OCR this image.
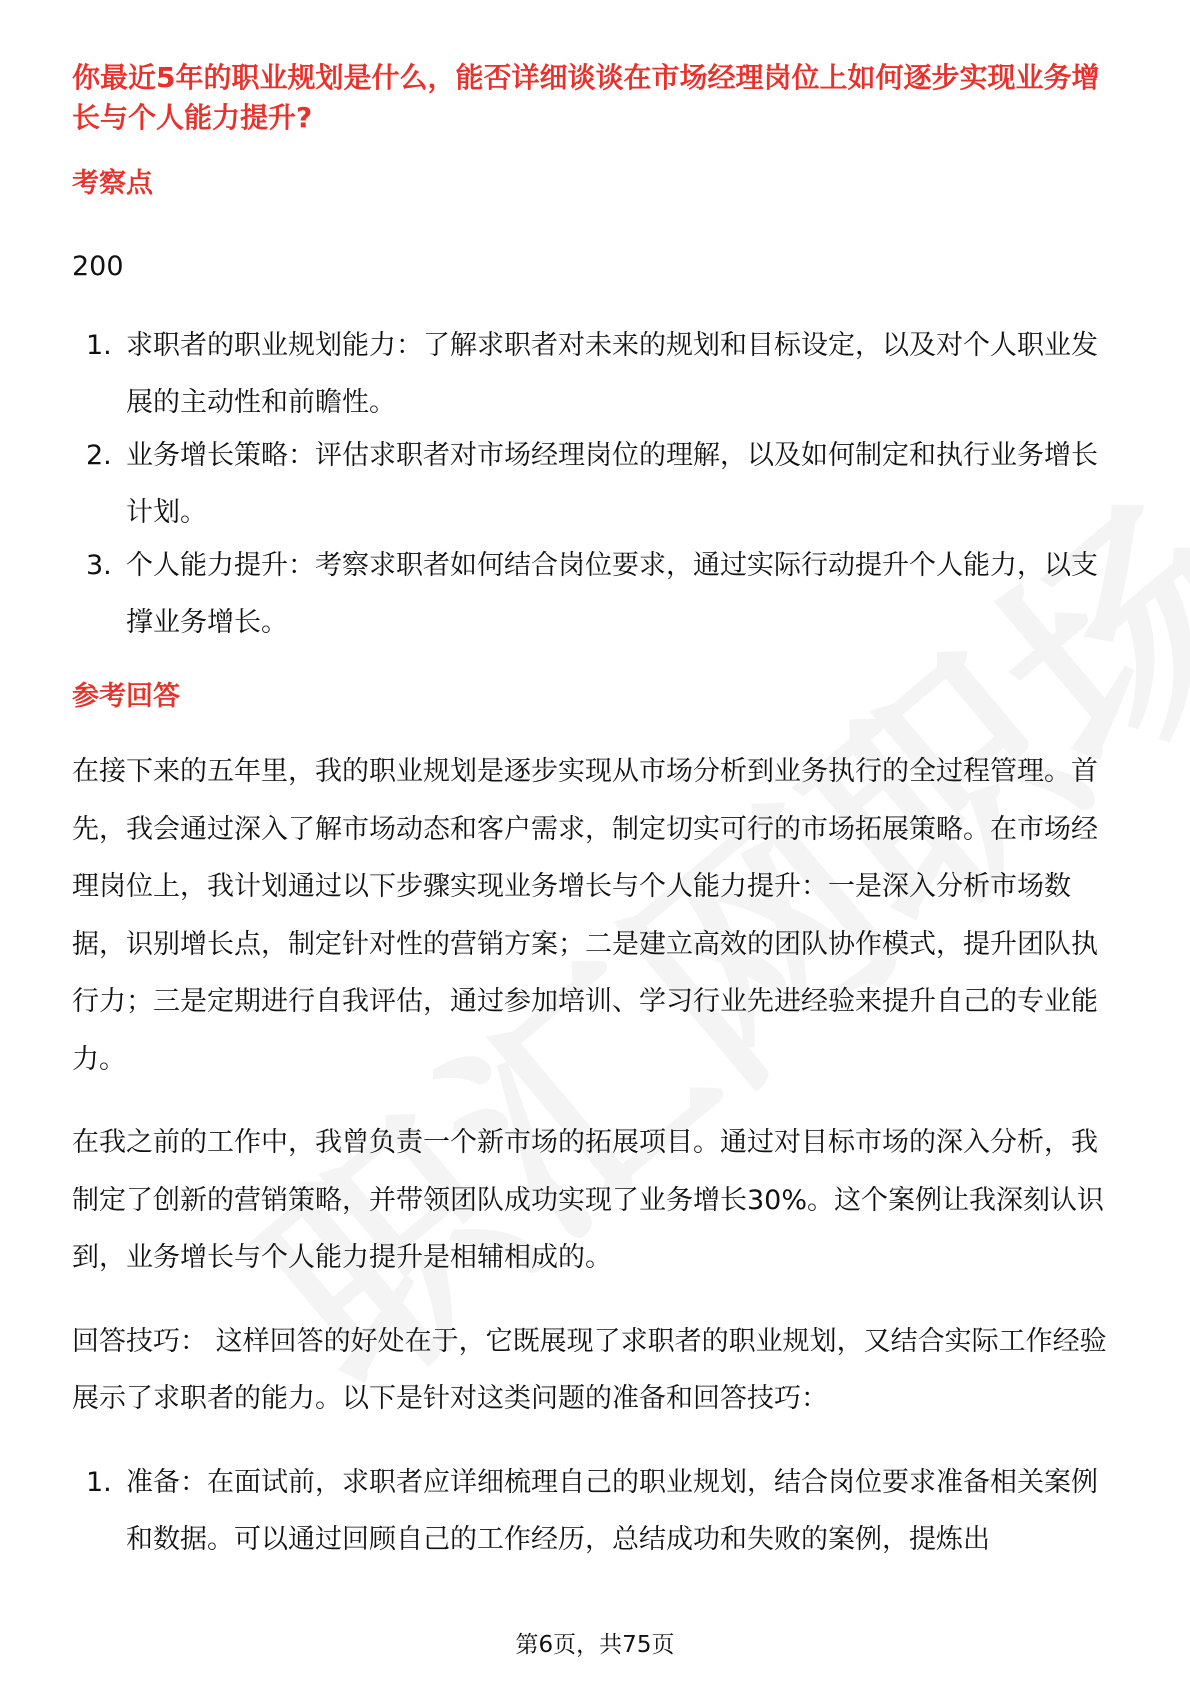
你最近5年的职业规划是什么，能否详细谈谈在市场经理岗位上如何逐步实现业务增长与个人能力提升?
考察点

200

1. 求职者的职业规划能力：了解求职者对未来的规划和目标设定，以及对个人职业发展的主动性和前瞻性。
2. 业务增长策略：评估求职者对市场经理岗位的理解，以及如何制定和执行业务增长计划。
3. 个人能力提升：考察求职者如何结合岗位要求，通过实际行动提升个人能力，以支撑业务增长。
参考回答

在接下来的五年里，我的职业规划是逐步实现从市场分析到业务执行的全过程管理。首先，我会通过深入了解市场动态和客户需求，制定切实可行的市场拓展策略。在市场经理岗位上，我计划通过以下步骤实现业务增长与个人能力提升：一是深入分析市场数据，识别增长点，制定针对性的营销方案；二是建立高效的团队协作模式，提升团队执行力；三是定期进行自我评估，通过参加培训、学习行业先进经验来提升自己的专业能力。

在我之前的工作中，我曾负责一个新市场的拓展项目。通过对目标市场的深入分析，我制定了创新的营销策略，并带领团队成功实现了业务增长30%。这个案例让我深刻认识到，业务增长与个人能力提升是相辅相成的。

回答技巧： 这样回答的好处在于，它既展现了求职者的职业规划，又结合实际工作经验展示了求职者的能力。以下是针对这类问题的准备和回答技巧：

1. 准备：在面试前，求职者应详细梳理自己的职业规划，结合岗位要求准备相关案例和数据。可以通过回顾自己的工作经历，总结成功和失败的案例，提炼出
第6页，共75页
